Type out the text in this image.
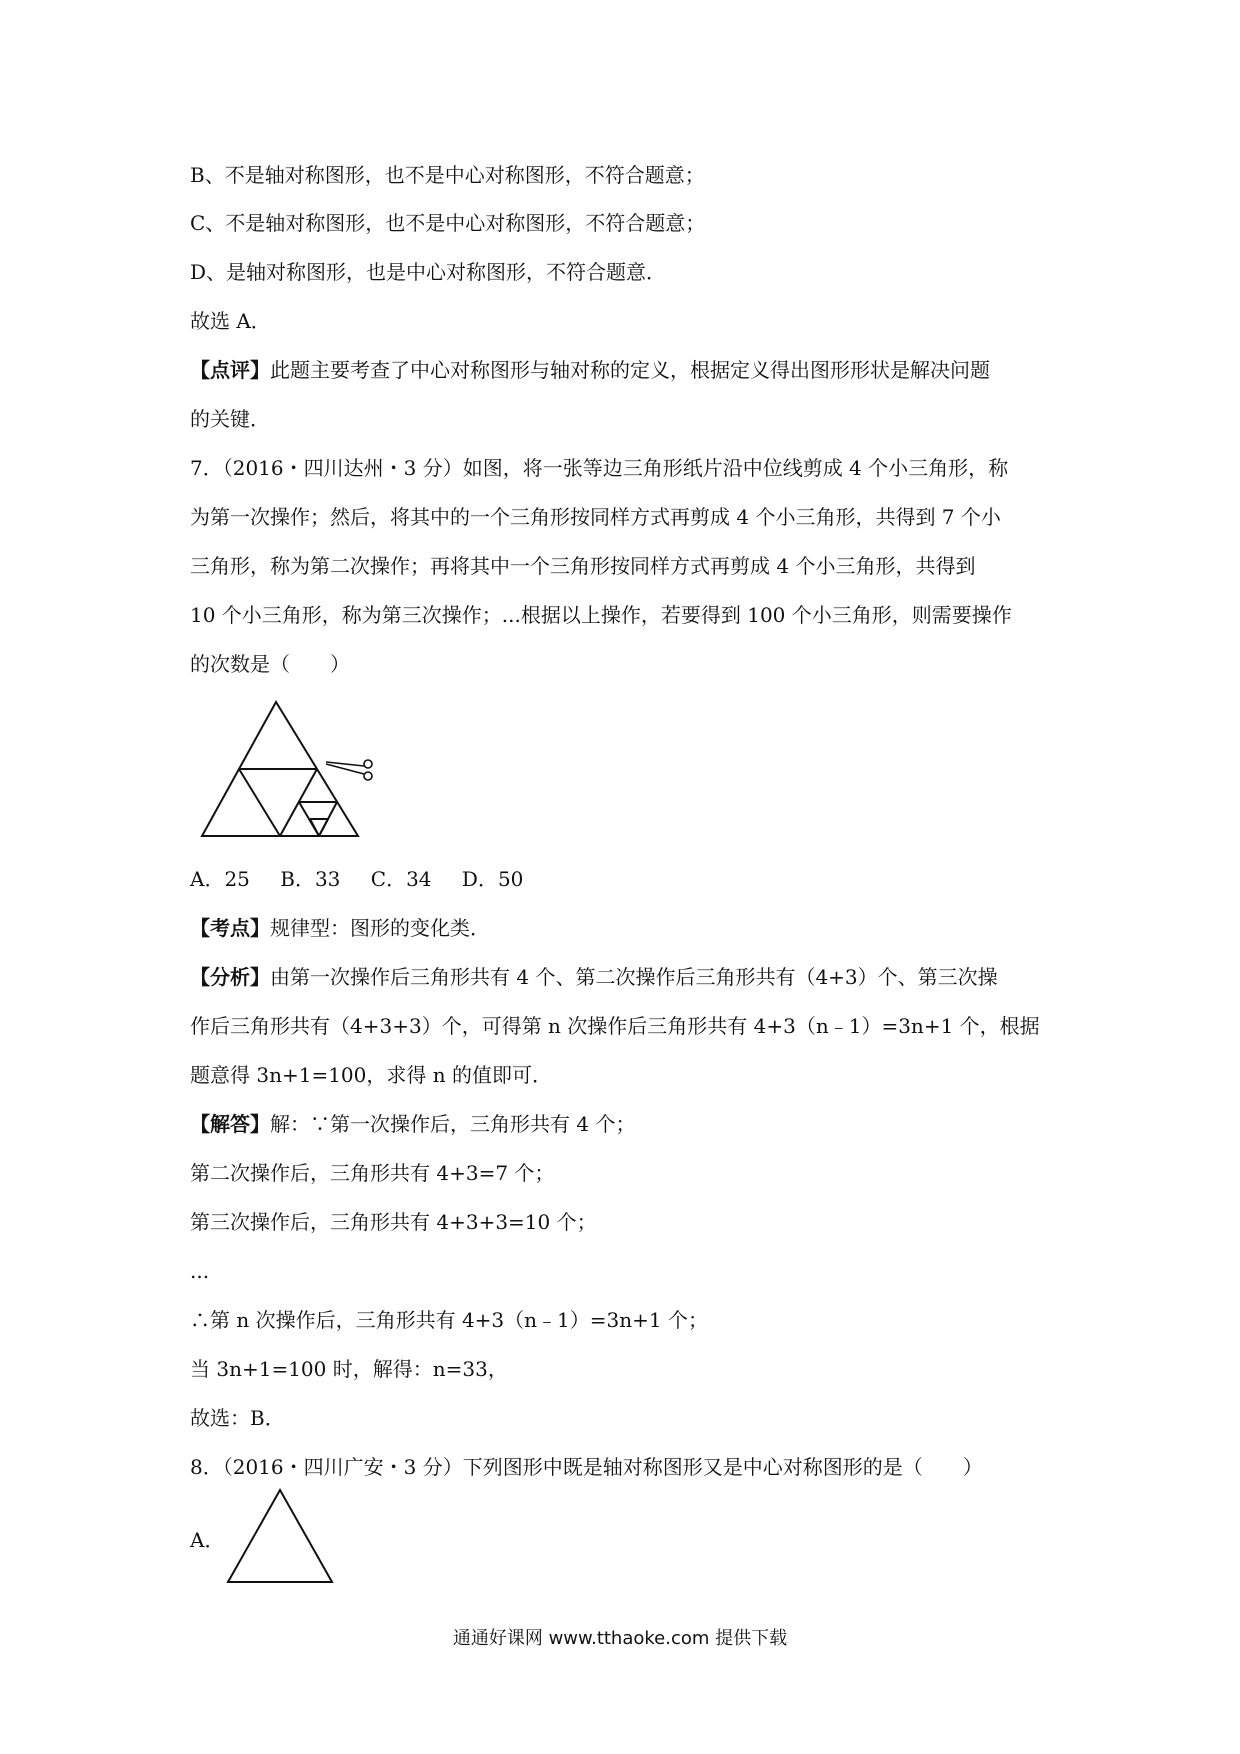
B、不是轴对称图形，也不是中心对称图形，不符合题意；
C、不是轴对称图形，也不是中心对称图形，不符合题意；
D、是轴对称图形，也是中心对称图形，不符合题意．
故选 A．
【点评】此题主要考查了中心对称图形与轴对称的定义，根据定义得出图形形状是解决问题
的关键．
7．（2016・四川达州・3 分）如图，将一张等边三角形纸片沿中位线剪成 4 个小三角形，称
为第一次操作；然后，将其中的一个三角形按同样方式再剪成 4 个小三角形，共得到 7 个小
三角形，称为第二次操作；再将其中一个三角形按同样方式再剪成 4 个小三角形，共得到
10 个小三角形，称为第三次操作；...根据以上操作，若要得到 100 个小三角形，则需要操作
的次数是（　　）
A．25 B．33 C．34 D．50
【考点】规律型：图形的变化类．
【分析】由第一次操作后三角形共有 4 个、第二次操作后三角形共有（4+3）个、第三次操
作后三角形共有（4+3+3）个，可得第 n 次操作后三角形共有 4+3（n﹣1）=3n+1 个，根据
题意得 3n+1=100，求得 n 的值即可．
【解答】解：∵第一次操作后，三角形共有 4 个；
第二次操作后，三角形共有 4+3=7 个；
第三次操作后，三角形共有 4+3+3=10 个；
...
∴第 n 次操作后，三角形共有 4+3（n﹣1）=3n+1 个；
当 3n+1=100 时，解得：n=33，
故选：B．
8．（2016・四川广安・3 分）下列图形中既是轴对称图形又是中心对称图形的是（　　）
A．
通通好课网 www.tthaoke.com 提供下载
